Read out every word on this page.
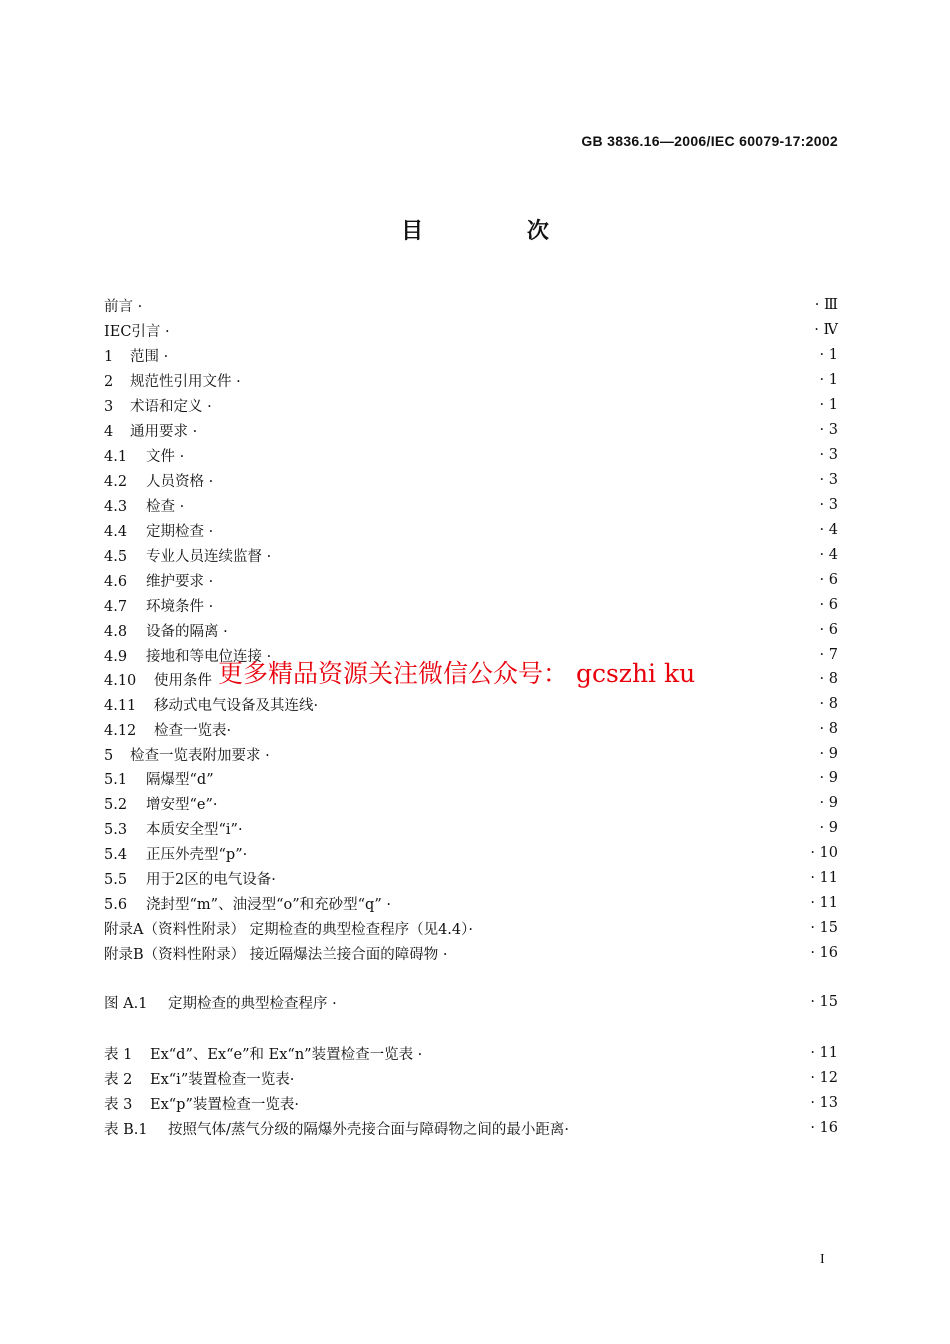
GB 3836.16—2006/IEC 60079-17:2002
目 次
前言 ·	· Ⅲ
IEC引言 ·	· Ⅳ
1 范围 ·	· 1
2 规范性引用文件 ·	· 1
3 术语和定义 ·	· 1
4 通用要求 ·	· 3
4.1 文件 ·	· 3
4.2 人员资格 ·	· 3
4.3 检查 ·	· 3
4.4 定期检查 ·	· 4
4.5 专业人员连续监督 ·	· 4
4.6 维护要求 ·	· 6
4.7 环境条件 ·	· 6
4.8 设备的隔离 ·	· 6
4.9 接地和等电位连接 ·	· 7
4.10 使用条件	· 8
4.11 移动式电气设备及其连线·	· 8
4.12 检查一览表·	· 8
5 检查一览表附加要求 ·	· 9
5.1 隔爆型“d”	· 9
5.2 增安型“e”·	· 9
5.3 本质安全型“i”·	· 9
5.4 正压外壳型“p”·	· 10
5.5 用于2区的电气设备·	· 11
5.6 浇封型“m”、油浸型“o”和充砂型“q” ·	· 11
附录A（资料性附录） 定期检查的典型检查程序（见4.4）·	· 15
附录B（资料性附录） 接近隔爆法兰接合面的障碍物 ·	· 16
图 A.1 定期检查的典型检查程序 ·	· 15
表 1 Ex“d”、Ex“e”和 Ex“n”装置检查一览表 ·	· 11
表 2 Ex“i”装置检查一览表·	· 12
表 3 Ex“p”装置检查一览表·	· 13
表 B.1 按照气体/蒸气分级的隔爆外壳接合面与障碍物之间的最小距离·	· 16
更多精品资源关注微信公众号： gcszhi ku
I
